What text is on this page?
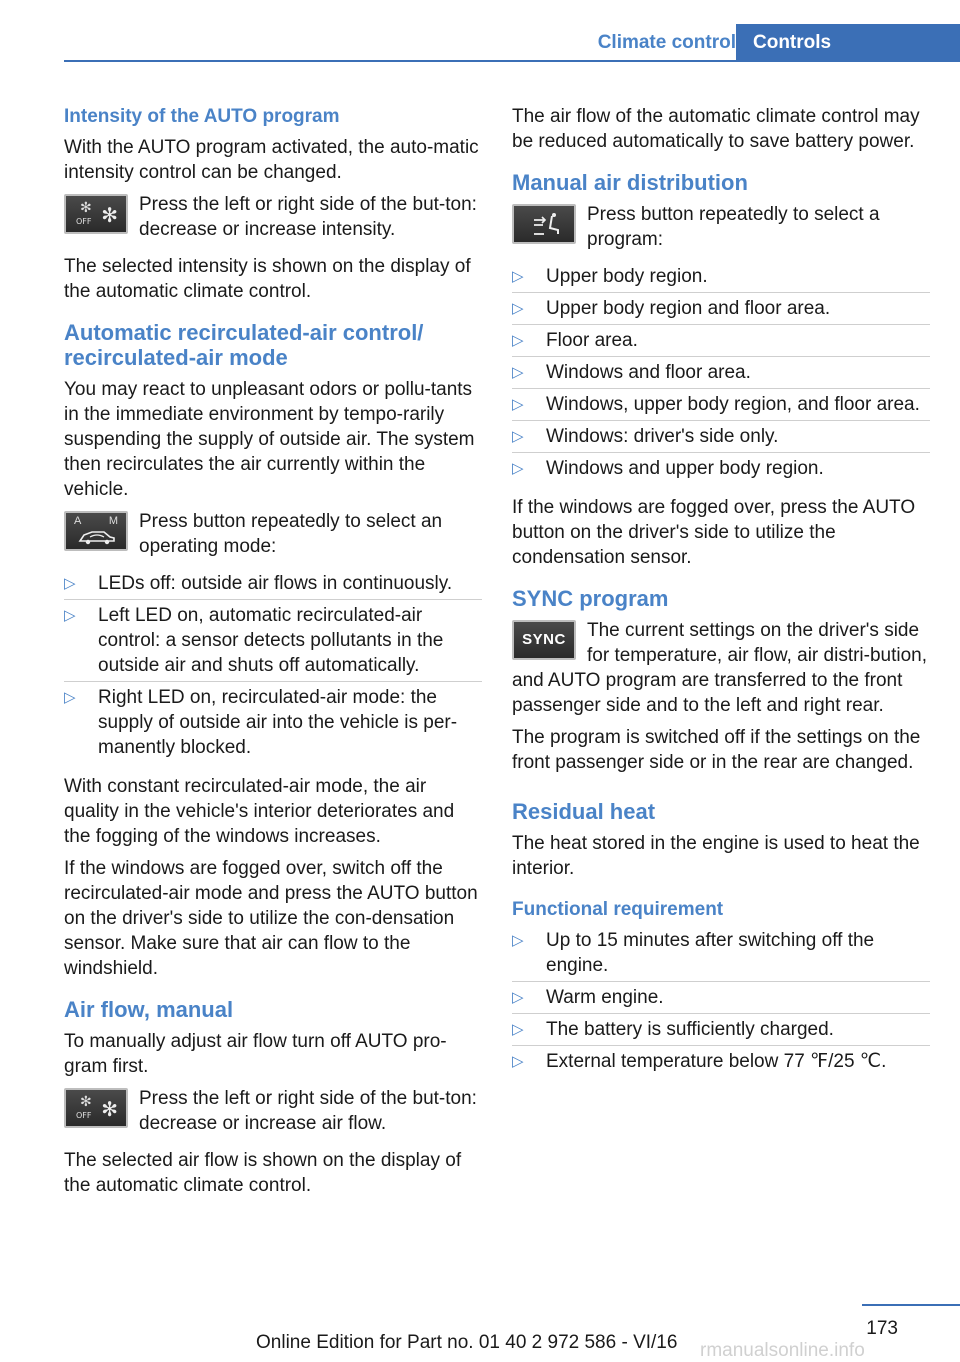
Climate control Controls
Intensity of the AUTO program

With the AUTO program activated, the auto-matic intensity control can be changed.

✻
OFF ✻ Press the left or right side of the but-ton: decrease or increase intensity.

The selected intensity is shown on the display of the automatic climate control.

Automatic recirculated-air control/ recirculated-air mode

You may react to unpleasant odors or pollu-tants in the immediate environment by tempo-rarily suspending the supply of outside air. The system then recirculates the air currently within the vehicle.

A M Press button repeatedly to select an operating mode:
▷ LEDs off: outside air flows in continuously.
▷ Left LED on, automatic recirculated-air control: a sensor detects pollutants in the outside air and shuts off automatically.
▷ Right LED on, recirculated-air mode: the supply of outside air into the vehicle is per-manently blocked.

With constant recirculated-air mode, the air quality in the vehicle's interior deteriorates and the fogging of the windows increases.

If the windows are fogged over, switch off the recirculated-air mode and press the AUTO button on the driver's side to utilize the con-densation sensor. Make sure that air can flow to the windshield.

Air flow, manual

To manually adjust air flow turn off AUTO pro-gram first.

✻
OFF ✻ Press the left or right side of the but-ton: decrease or increase air flow.

The selected air flow is shown on the display of the automatic climate control.

The air flow of the automatic climate control may be reduced automatically to save battery power.

Manual air distribution
Press button repeatedly to select a program:
▷ Upper body region.
▷ Upper body region and floor area.
▷ Floor area.
▷ Windows and floor area.
▷ Windows, upper body region, and floor area.
▷ Windows: driver's side only.
▷ Windows and upper body region.

If the windows are fogged over, press the AUTO button on the driver's side to utilize the condensation sensor.

SYNC program
SYNC	The current settings on the driver's side for temperature, air flow, air distri-bution, and AUTO program are transferred to the front passenger side and to the left and right rear.

The program is switched off if the settings on the front passenger side or in the rear are changed.

Residual heat

The heat stored in the engine is used to heat the interior.

Functional requirement
▷ Up to 15 minutes after switching off the engine.
▷ Warm engine.
▷ The battery is sufficiently charged.
▷ External temperature below 77 ℉/25 ℃.
173
rmanualsonline.info
Online Edition for Part no. 01 40 2 972 586 - VI/16
